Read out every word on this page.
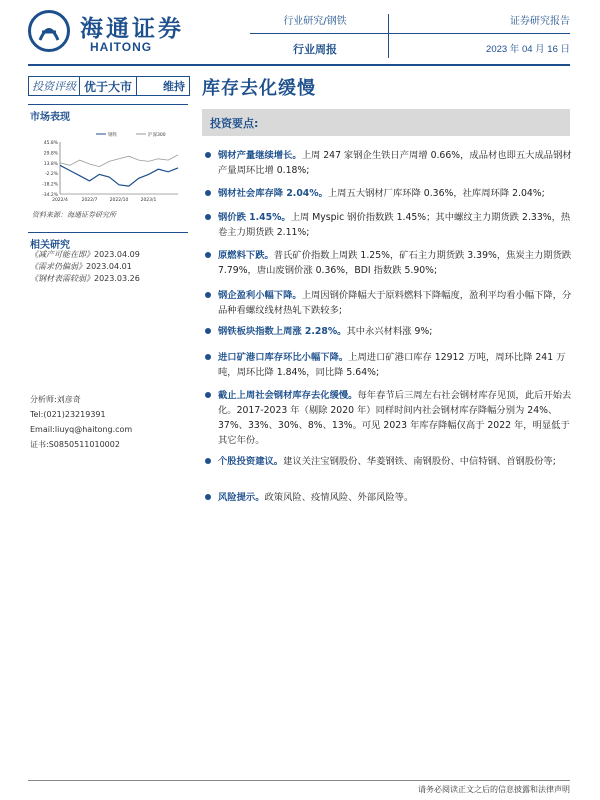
海通证券
HAITONG
行业研究/钢铁
行业周报
证券研究报告
2023 年 04 月 16 日
投资评级 优于大市	维持 库存去化缓慢
市场表现
45.8%
29.8%
13.8%
-2.2%
-18.2%
-34.2%
2022/4	2022/7	2022/10	2023/1
钢铁	沪深300
资料来源：海通证券研究所
相关研究
《减产可能在即》2023.04.09
《需求仍偏弱》2023.04.01
《钢材表需较弱》2023.03.26
分析师:刘彦奇
Tel:(021)23219391
Email:liuyq@haitong.com
证书:S0850511010002
投资要点:
钢材产量继续增长。上周 247 家钢企生铁日产周增 0.66%，成品材也即五大成品钢材产量周环比增 0.18%;
钢材社会库存降 2.04%。上周五大钢材厂库环降 0.36%，社库周环降 2.04%;
钢价跌 1.45%。上周 Myspic 钢价指数跌 1.45%；其中螺纹主力期货跌 2.33%，热卷主力期货跌 2.11%;
原燃料下跌。普氏矿价指数上周跌 1.25%，矿石主力期货跌 3.39%，焦炭主力期货跌 7.79%，唐山废钢价涨 0.36%，BDI 指数跌 5.90%;
钢企盈利小幅下降。上周因钢价降幅大于原料燃料下降幅度，盈利平均看小幅下降，分品种看螺纹线材热轧下跌较多;
钢铁板块指数上周涨 2.28%。其中永兴材料涨 9%;
进口矿港口库存环比小幅下降。上周进口矿港口库存 12912 万吨，周环比降 241 万吨，周环比降 1.84%，同比降 5.64%;
截止上周社会钢材库存去化缓慢。每年春节后三周左右社会钢材库存见顶，此后开始去化。2017-2023 年（剔除 2020 年）同样时间内社会钢材库存降幅分别为 24%、37%、33%、30%、8%、13%。可见 2023 年库存降幅仅高于 2022 年，明显低于其它年份。
个股投资建议。建议关注宝钢股份、华菱钢铁、南钢股份、中信特钢、首钢股份等;
风险提示。政策风险、疫情风险、外部风险等。
请务必阅读正文之后的信息披露和法律声明
